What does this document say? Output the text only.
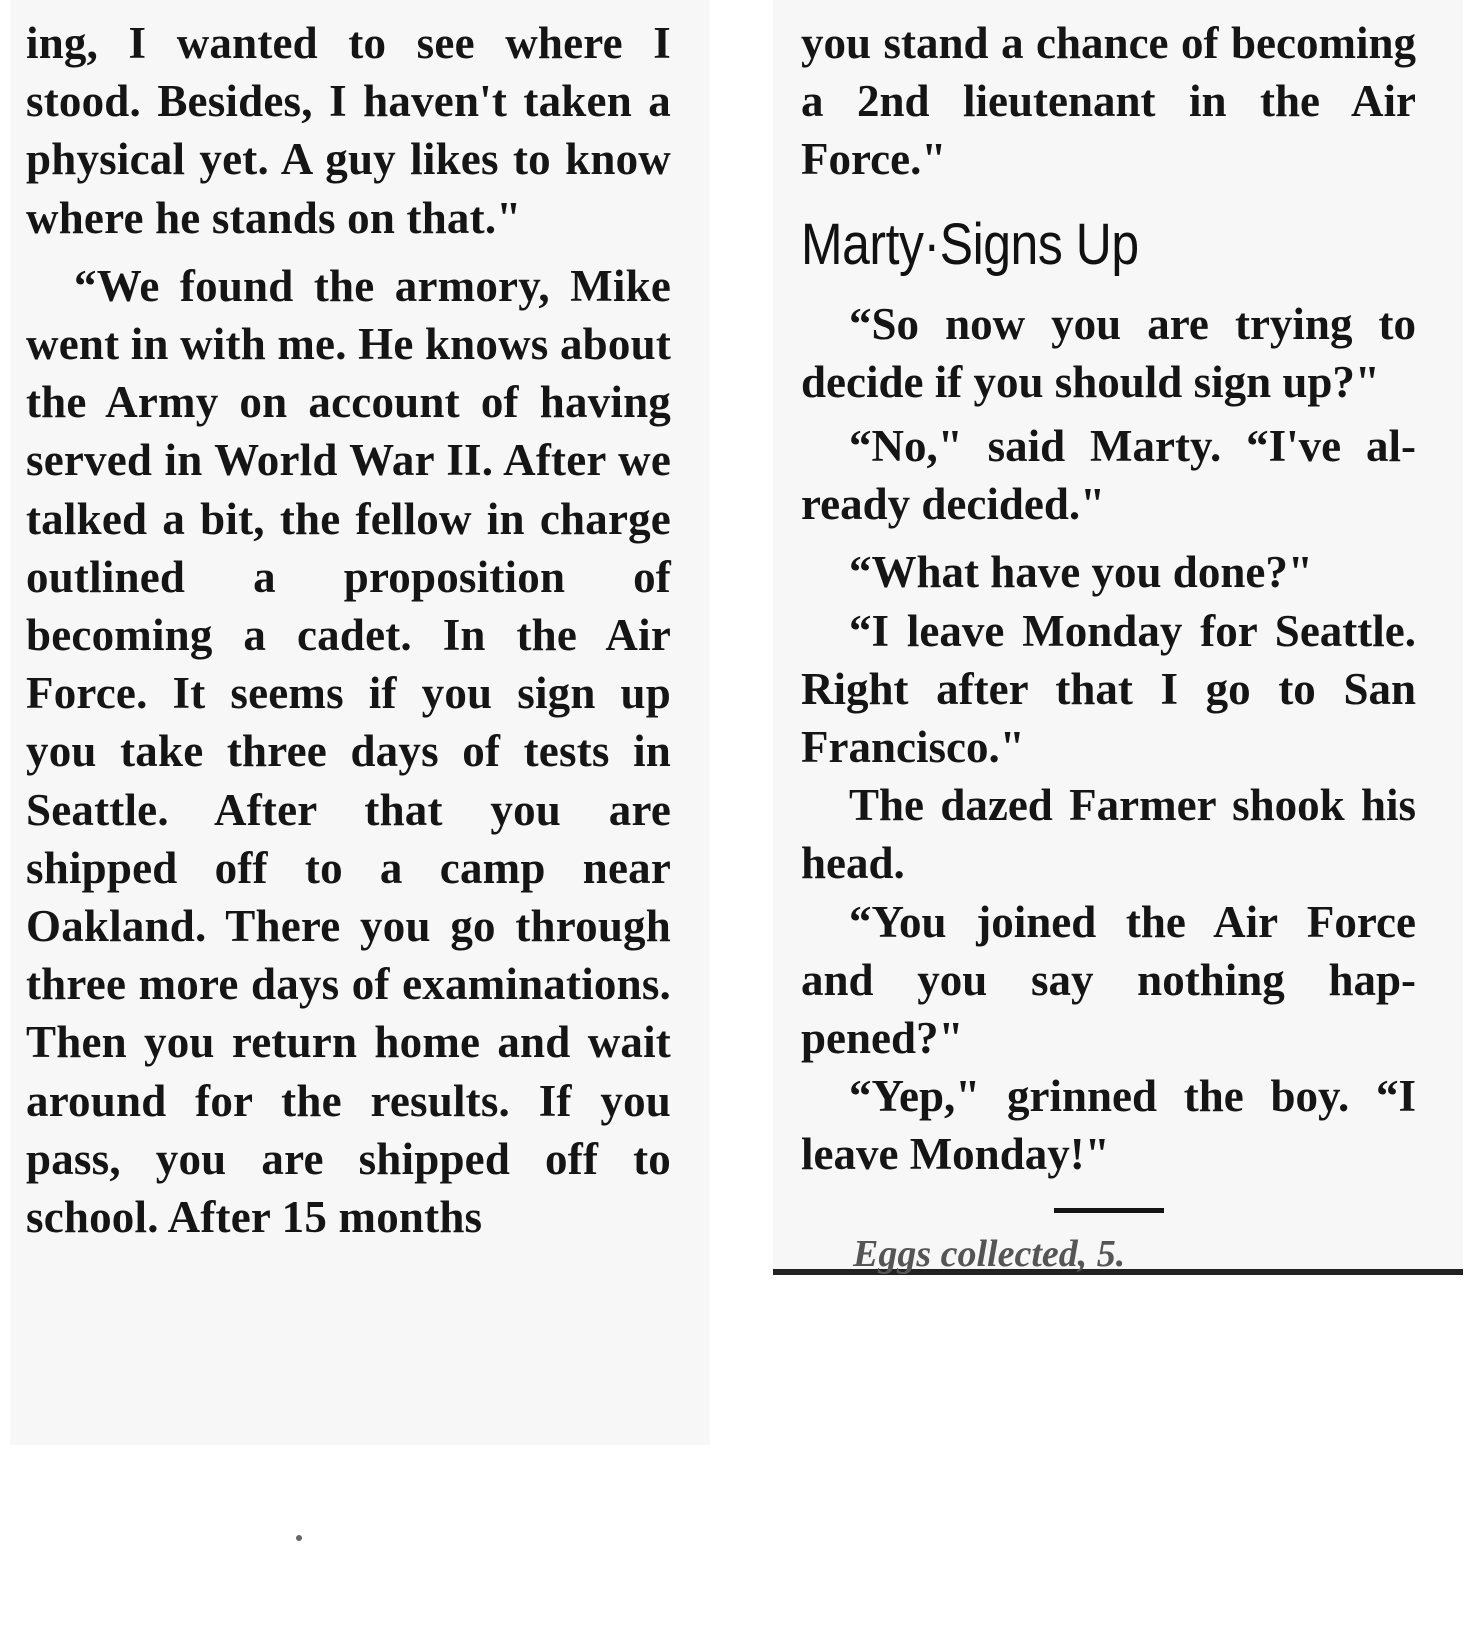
ing, I wanted to see where I stood. Besides, I haven't taken a physical yet. A guy likes to know where he stands on that."

“We found the armory, Mike went in with me. He knows about the Army on account of having served in World War II. After we talked a bit, the fellow in charge outlined a proposition of becoming a cadet. In the Air Force. It seems if you sign up you take three days of tests in Seattle. After that you are shipped off to a camp near Oakland. There you go through three more days of examinations. Then you return home and wait around for the results. If you pass, you are shipped off to school. After 15 months

you stand a chance of becoming a 2nd lieutenant in the Air Force."

Marty·Signs Up

“So now you are trying to decide if you should sign up?"

“No," said Marty. “I've already decided."

“What have you done?"

“I leave Monday for Seattle. Right after that I go to San Francisco."

The dazed Farmer shook his head.

“You joined the Air Force and you say nothing happened?"

“Yep," grinned the boy. “I leave Monday!"

Eggs collected, 5.
